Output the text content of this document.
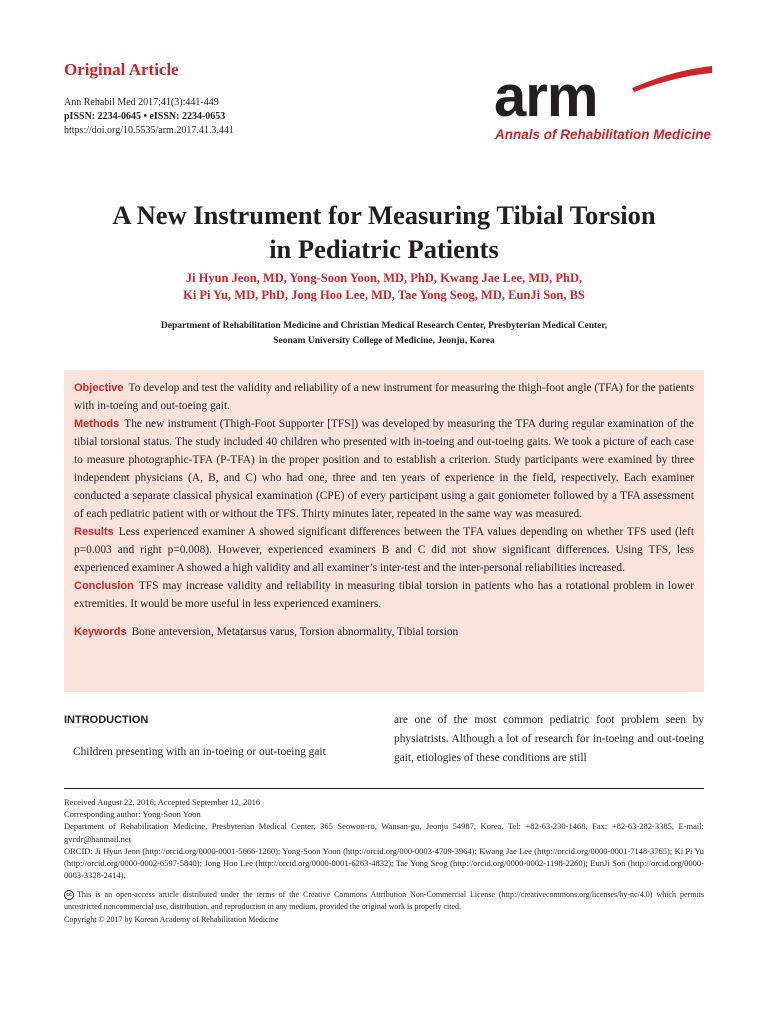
Original Article
Ann Rehabil Med 2017;41(3):441-449
pISSN: 2234-0645 • eISSN: 2234-0653
https://doi.org/10.5535/arm.2017.41.3.441
arm
Annals of Rehabilitation Medicine
A New Instrument for Measuring Tibial Torsion
in Pediatric Patients
Ji Hyun Jeon, MD, Yong-Soon Yoon, MD, PhD, Kwang Jae Lee, MD, PhD,
Ki Pi Yu, MD, PhD, Jong Hoo Lee, MD, Tae Yong Seog, MD, EunJi Son, BS
Department of Rehabilitation Medicine and Christian Medical Research Center, Presbyterian Medical Center,
Seonam University College of Medicine, Jeonju, Korea

Objective To develop and test the validity and reliability of a new instrument for measuring the thigh-foot angle (TFA) for the patients with in-toeing and out-toeing gait.

Methods The new instrument (Thigh-Foot Supporter [TFS]) was developed by measuring the TFA during regular examination of the tibial torsional status. The study included 40 children who presented with in-toeing and out-toeing gaits. We took a picture of each case to measure photographic-TFA (P-TFA) in the proper position and to establish a criterion. Study participants were examined by three independent physicians (A, B, and C) who had one, three and ten years of experience in the field, respectively. Each examiner conducted a separate classical physical examination (CPE) of every participant using a gait goniometer followed by a TFA assessment of each pediatric patient with or without the TFS. Thirty minutes later, repeated in the same way was measured.

Results Less experienced examiner A showed significant differences between the TFA values depending on whether TFS used (left p=0.003 and right p=0.008). However, experienced examiners B and C did not show significant differences. Using TFS, less experienced examiner A showed a high validity and all examiner’s inter-test and the inter-personal reliabilities increased.

Conclusion TFS may increase validity and reliability in measuring tibial torsion in patients who has a rotational problem in lower extremities. It would be more useful in less experienced examiners.

Keywords Bone anteversion, Metatarsus varus, Torsion abnormality, Tibial torsion

INTRODUCTION
Children presenting with an in-toeing or out-toeing gait
are one of the most common pediatric foot problem seen by physiatrists. Although a lot of research for in-toeing and out-toeing gait, etiologies of these conditions are still

Received August 22, 2016; Accepted September 12, 2016

Corresponding author: Yong-Soon Yoon

Department of Rehabilitation Medicine, Presbyterian Medical Center, 365 Seowon-ro, Wansan-gu, Jeonju 54987, Korea. Tel: +82-63-230-1468, Fax: +82-63-282-3385, E-mail: gvcdr@hanmail.net

ORCID: Ji Hyun Jeon (http://orcid.org/0000-0001-5666-1260); Yong-Soon Yoon (http://orcid.org/000-0003-4709-3964); Kwang Jae Lee (http://orcid.org/0000-0001-7148-3765); Ki Pi Yu (http://orcid.org/0000-0002-6597-5840); Jong Hoo Lee (http://orcid.org/0000-0001-6263-4832); Tae Yong Seog (http://orcid.org/0000-0002-1198-2260); EunJi Son (http://orcid.org/0000-0003-3328-2414).

cc This is an open-access article distributed under the terms of the Creative Commons Attribution Non-Commercial License (http://creativecommons.org/licenses/by-nc/4.0) which permits unrestricted noncommercial use, distribution, and reproduction in any medium, provided the original work is properly cited.

Copyright © 2017 by Korean Academy of Rehabilitation Medicine
